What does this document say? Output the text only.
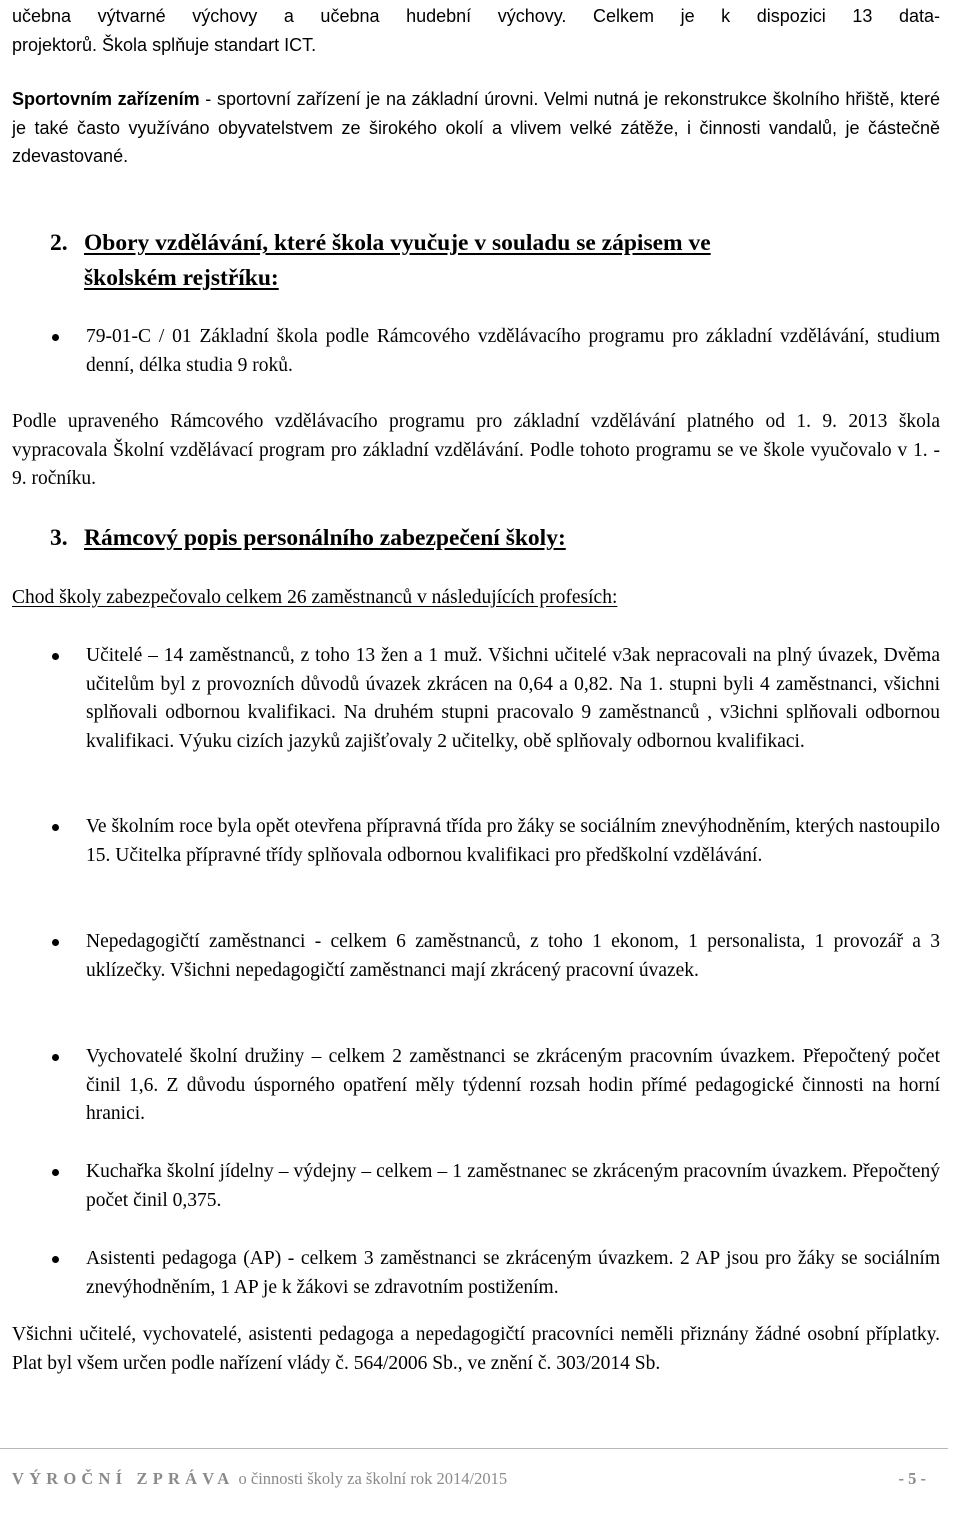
učebna výtvarné výchovy a učebna hudební výchovy. Celkem je k dispozici 13 data-

projektorů. Škola splňuje standart ICT.

Sportovním zařízením - sportovní zařízení je na základní úrovni. Velmi nutná je rekonstrukce školního hřiště, které je také často využíváno obyvatelstvem ze širokého okolí a vlivem velké zátěže, i činnosti vandalů, je částečně zdevastované.

2. Obory vzdělávání, které škola vyučuje v souladu se zápisem ve
školském rejstříku:

79-01-C / 01 Základní škola podle Rámcového vzdělávacího programu pro základní vzdělávání, studium denní, délka studia 9 roků.

Podle upraveného Rámcového vzdělávacího programu pro základní vzdělávání platného od 1. 9. 2013 škola vypracovala Školní vzdělávací program pro základní vzdělávání. Podle tohoto programu se ve škole vyučovalo v 1. - 9. ročníku.

3. Rámcový popis personálního zabezpečení školy:

Chod školy zabezpečovalo celkem 26 zaměstnanců v následujících profesích:

Učitelé – 14 zaměstnanců, z toho 13 žen a 1 muž. Všichni učitelé v3ak nepracovali na plný úvazek, Dvěma učitelům byl z provozních důvodů úvazek zkrácen na 0,64 a 0,82. Na 1. stupni byli 4 zaměstnanci, všichni splňovali odbornou kvalifikaci. Na druhém stupni pracovalo 9 zaměstnanců , v3ichni splňovali odbornou kvalifikaci. Výuku cizích jazyků zajišťovaly 2 učitelky, obě splňovaly odbornou kvalifikaci.

Ve školním roce byla opět otevřena přípravná třída pro žáky se sociálním znevýhodněním, kterých nastoupilo 15. Učitelka přípravné třídy splňovala odbornou kvalifikaci pro předškolní vzdělávání.

Nepedagogičtí zaměstnanci - celkem 6 zaměstnanců, z toho 1 ekonom, 1 personalista, 1 provozář a 3 uklízečky. Všichni nepedagogičtí zaměstnanci mají zkrácený pracovní úvazek.

Vychovatelé školní družiny – celkem 2 zaměstnanci se zkráceným pracovním úvazkem. Přepočtený počet činil 1,6. Z důvodu úsporného opatření měly týdenní rozsah hodin přímé pedagogické činnosti na horní hranici.

Kuchařka školní jídelny – výdejny – celkem – 1 zaměstnanec se zkráceným pracovním úvazkem. Přepočtený počet činil 0,375.

Asistenti pedagoga (AP) - celkem 3 zaměstnanci se zkráceným úvazkem. 2 AP jsou pro žáky se sociálním znevýhodněním, 1 AP je k žákovi se zdravotním postižením.

Všichni učitelé, vychovatelé, asistenti pedagoga a nepedagogičtí pracovníci neměli přiznány žádné osobní příplatky. Plat byl všem určen podle nařízení vlády č. 564/2006 Sb., ve znění č. 303/2014 Sb.

VÝROČNÍ ZPRÁVA o činnosti školy za školní rok 2014/2015	- 5 -
